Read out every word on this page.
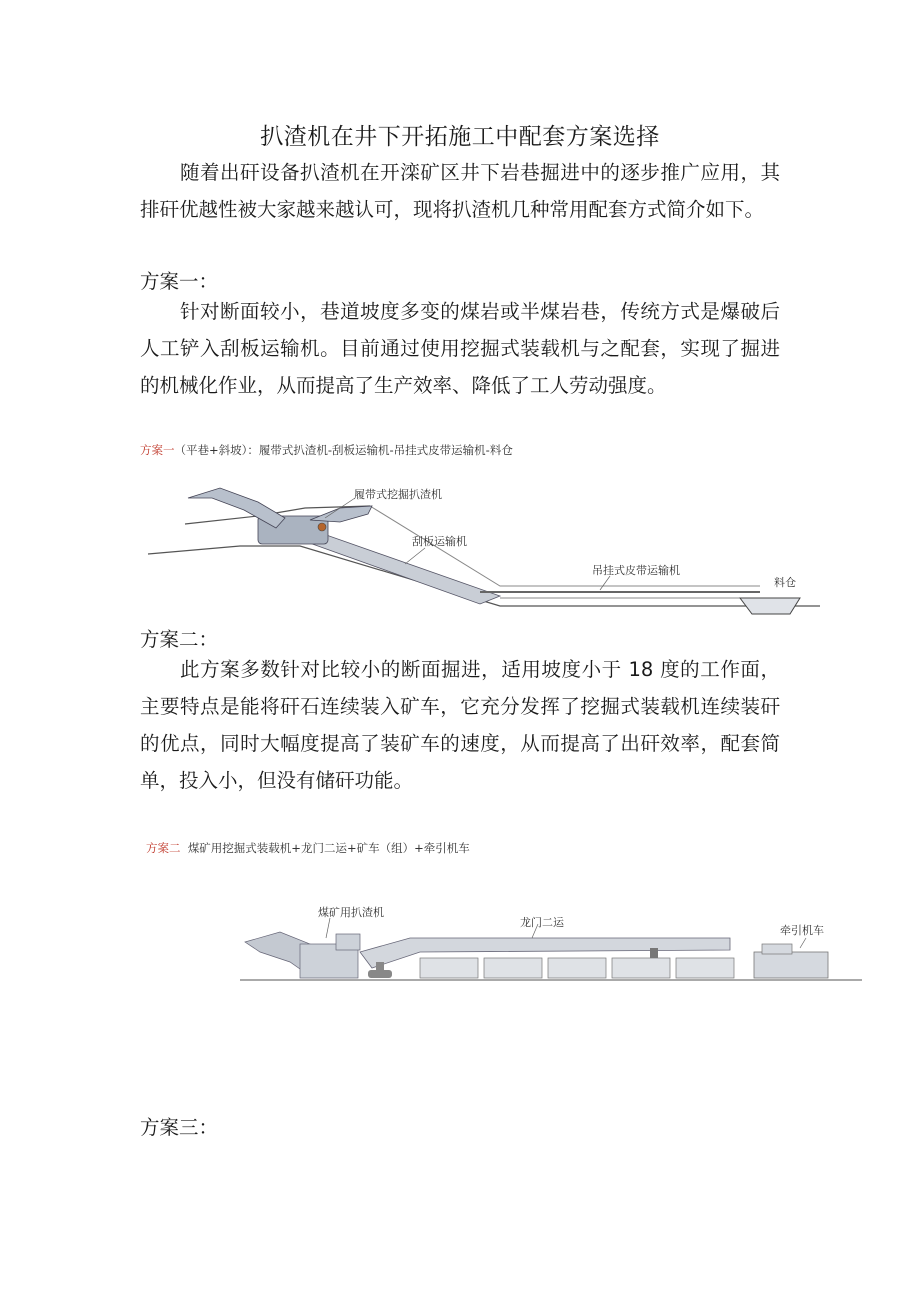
扒渣机在井下开拓施工中配套方案选择

随着出矸设备扒渣机在开滦矿区井下岩巷掘进中的逐步推广应用，其排矸优越性被大家越来越认可，现将扒渣机几种常用配套方式简介如下。

方案一：

针对断面较小，巷道坡度多变的煤岩或半煤岩巷，传统方式是爆破后人工铲入刮板运输机。目前通过使用挖掘式装载机与之配套，实现了掘进的机械化作业，从而提高了生产效率、降低了工人劳动强度。

方案一（平巷+斜坡）：履带式扒渣机-刮板运输机-吊挂式皮带运输机-料仓
履带式挖掘扒渣机
刮板运输机
吊挂式皮带运输机
料仓
方案二：

此方案多数针对比较小的断面掘进，适用坡度小于 18 度的工作面，主要特点是能将矸石连续装入矿车，它充分发挥了挖掘式装载机连续装矸的优点，同时大幅度提高了装矿车的速度，从而提高了出矸效率，配套简单，投入小，但没有储矸功能。

方案二 煤矿用挖掘式装载机+龙门二运+矿车（组）+牵引机车
煤矿用扒渣机
龙门二运
牵引机车
方案三：
